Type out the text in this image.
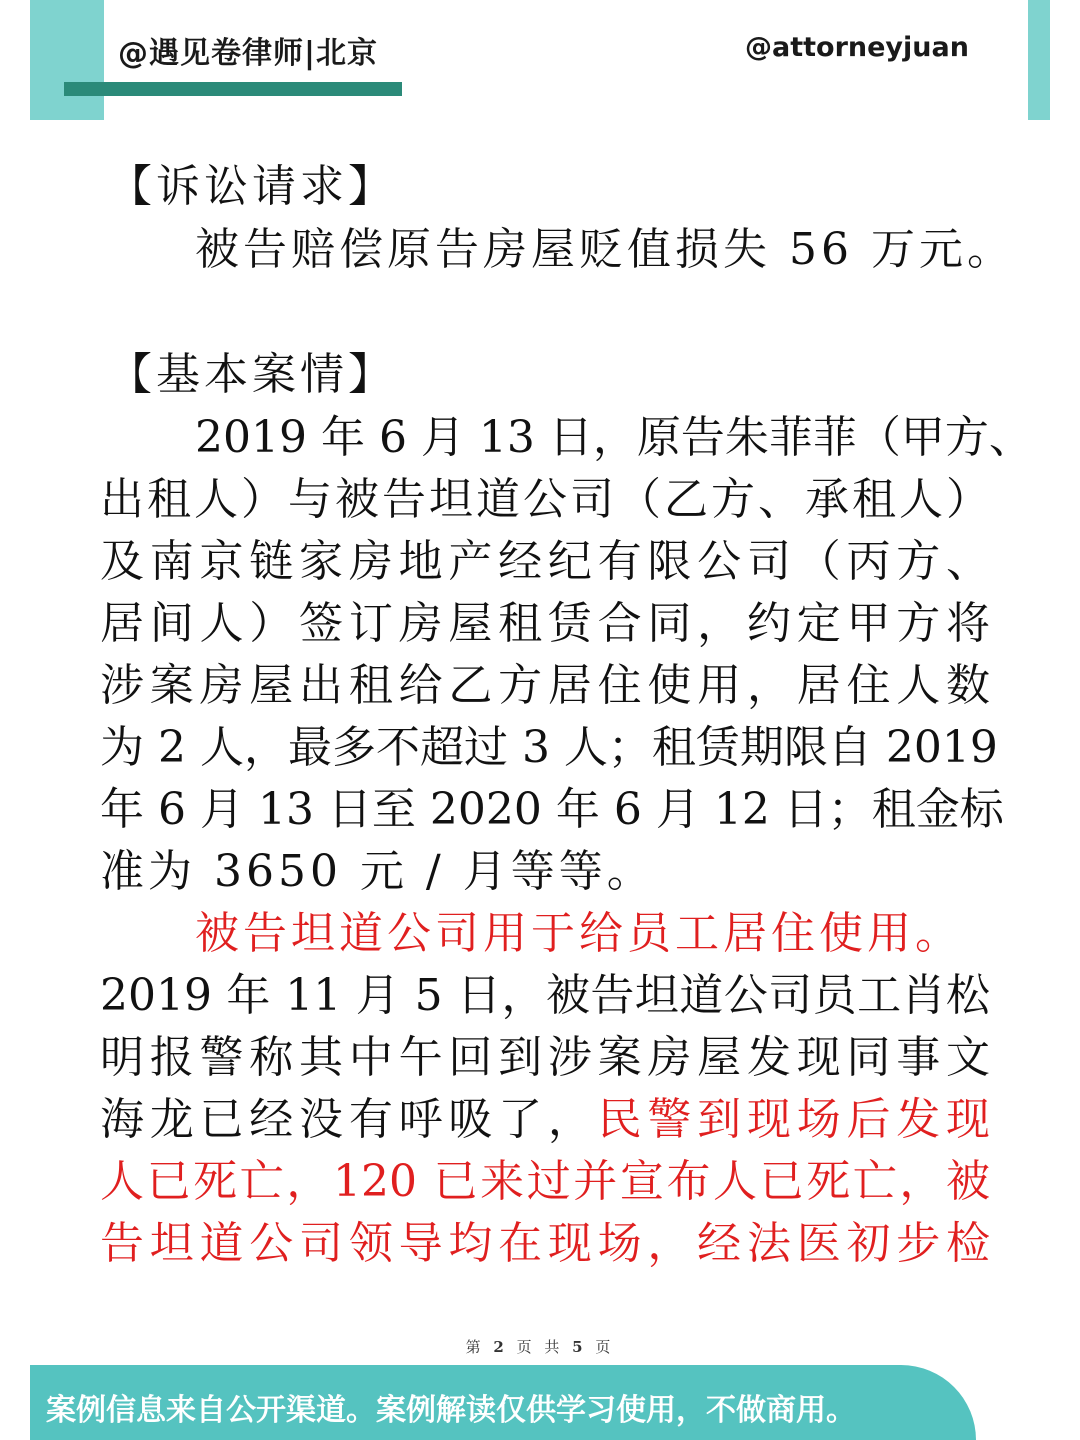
@遇见卷律师|北京	@attorneyjuan
【诉讼请求】
被告赔偿原告房屋贬值损失 56 万元。
【基本案情】
2019 年 6 月 13 日，原告朱菲菲（甲方、
出租人）与被告坦道公司（乙方、承租人）
及南京链家房地产经纪有限公司（丙方、
居间人）签订房屋租赁合同，约定甲方将
涉案房屋出租给乙方居住使用，居住人数
为 2 人，最多不超过 3 人；租赁期限自 2019
年 6 月 13 日至 2020 年 6 月 12 日；租金标
准为 3650 元 / 月等等。
被告坦道公司用于给员工居住使用。
2019 年 11 月 5 日，被告坦道公司员工肖松
明报警称其中午回到涉案房屋发现同事文
海龙已经没有呼吸了，民警到现场后发现
人已死亡，120 已来过并宣布人已死亡，被
告坦道公司领导均在现场，经法医初步检
第 2 页 共 5 页
案例信息来自公开渠道。案例解读仅供学习使用，不做商用。
